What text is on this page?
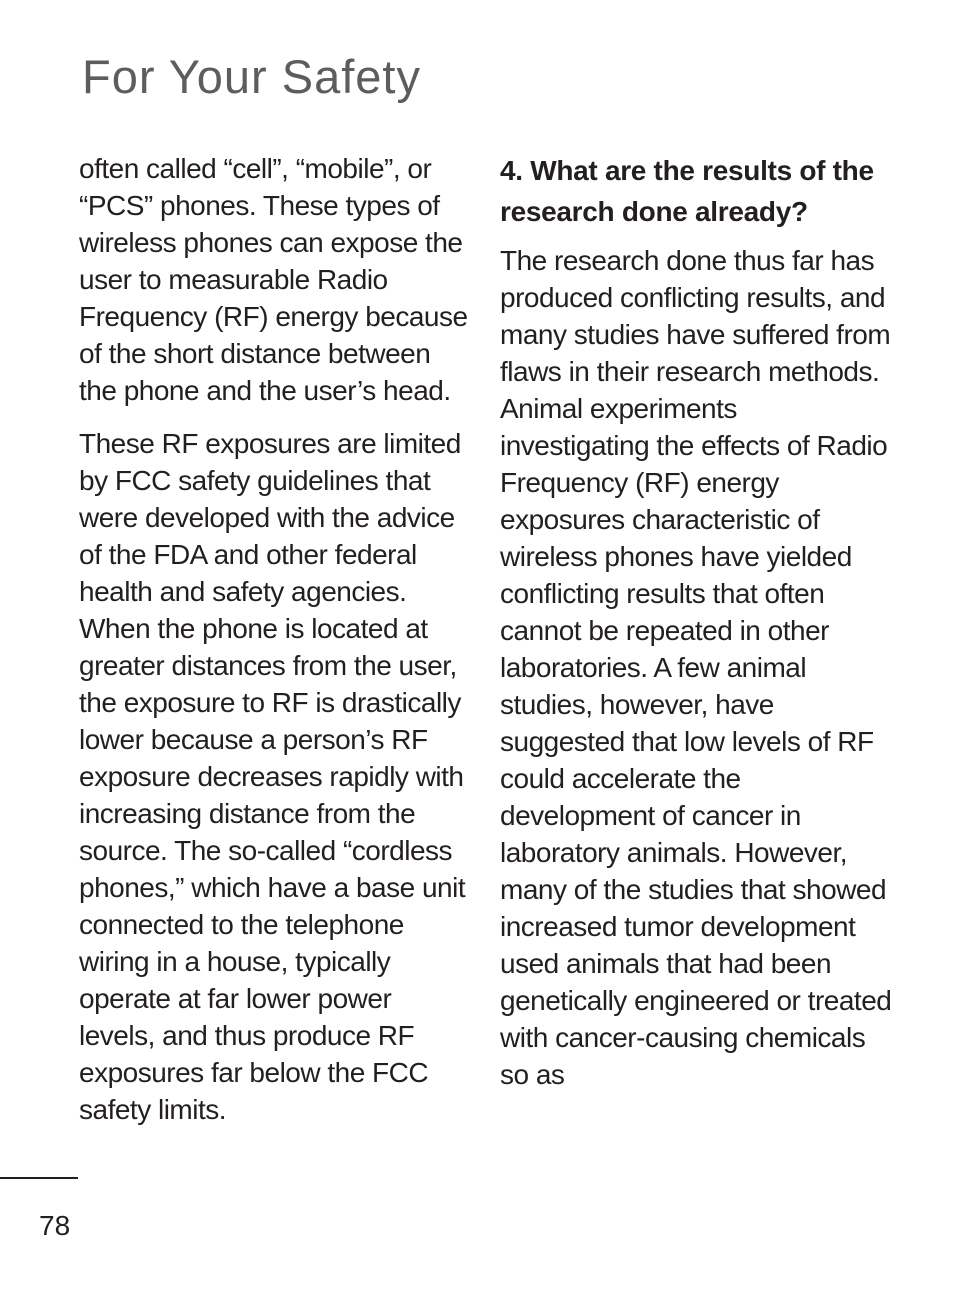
For Your Safety

often called “cell”, “mobile”, or “PCS” phones. These types of wireless phones can expose the user to measurable Radio Frequency (RF) energy because of the short distance between the phone and the user’s head.

These RF exposures are limited by FCC safety guidelines that were developed with the advice of the FDA and other federal health and safety agencies. When the phone is located at greater distances from the user, the exposure to RF is drastically lower because a person’s RF exposure decreases rapidly with increasing distance from the source. The so-called “cordless phones,” which have a base unit connected to the telephone wiring in a house, typically operate at far lower power levels, and thus produce RF exposures far below the FCC safety limits.

4. What are the results of the research done already?

The research done thus far has produced conflicting results, and many studies have suffered from flaws in their research methods. Animal experiments investigating the effects of Radio Frequency (RF) energy exposures characteristic of wireless phones have yielded conflicting results that often cannot be repeated in other laboratories. A few animal studies, however, have suggested that low levels of RF could accelerate the development of cancer in laboratory animals. However, many of the studies that showed increased tumor development used animals that had been genetically engineered or treated with cancer-causing chemicals so as

78
